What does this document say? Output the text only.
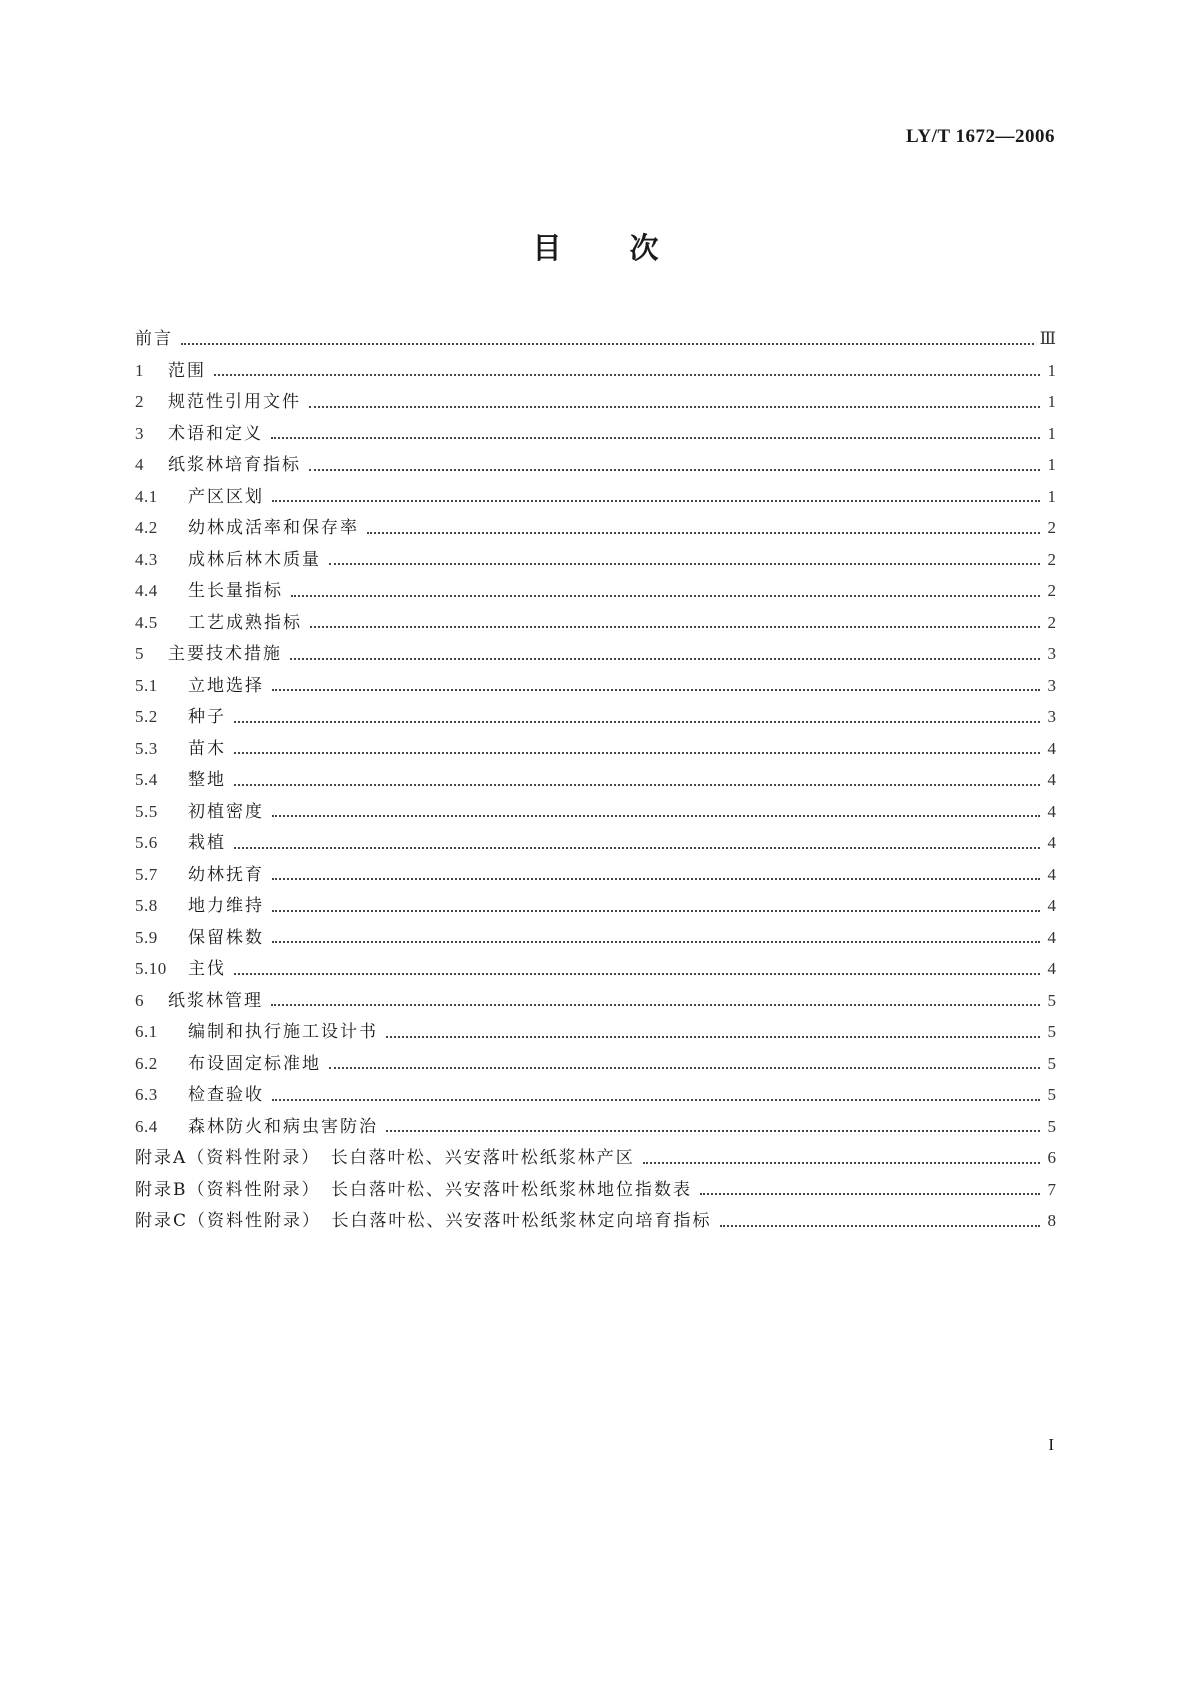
LY/T 1672—2006
目 次
前言	Ⅲ
1	范围	1
2	规范性引用文件	1
3	术语和定义	1
4	纸浆林培育指标	1
4.1	产区区划	1
4.2	幼林成活率和保存率	2
4.3	成林后林木质量	2
4.4	生长量指标	2
4.5	工艺成熟指标	2
5	主要技术措施	3
5.1	立地选择	3
5.2	种子	3
5.3	苗木	4
5.4	整地	4
5.5	初植密度	4
5.6	栽植	4
5.7	幼林抚育	4
5.8	地力维持	4
5.9	保留株数	4
5.10	主伐	4
6	纸浆林管理	5
6.1	编制和执行施工设计书	5
6.2	布设固定标准地	5
6.3	检查验收	5
6.4	森林防火和病虫害防治	5
附录A（资料性附录）　长白落叶松、兴安落叶松纸浆林产区	6
附录B（资料性附录）　长白落叶松、兴安落叶松纸浆林地位指数表	7
附录C（资料性附录）　长白落叶松、兴安落叶松纸浆林定向培育指标	8
I
